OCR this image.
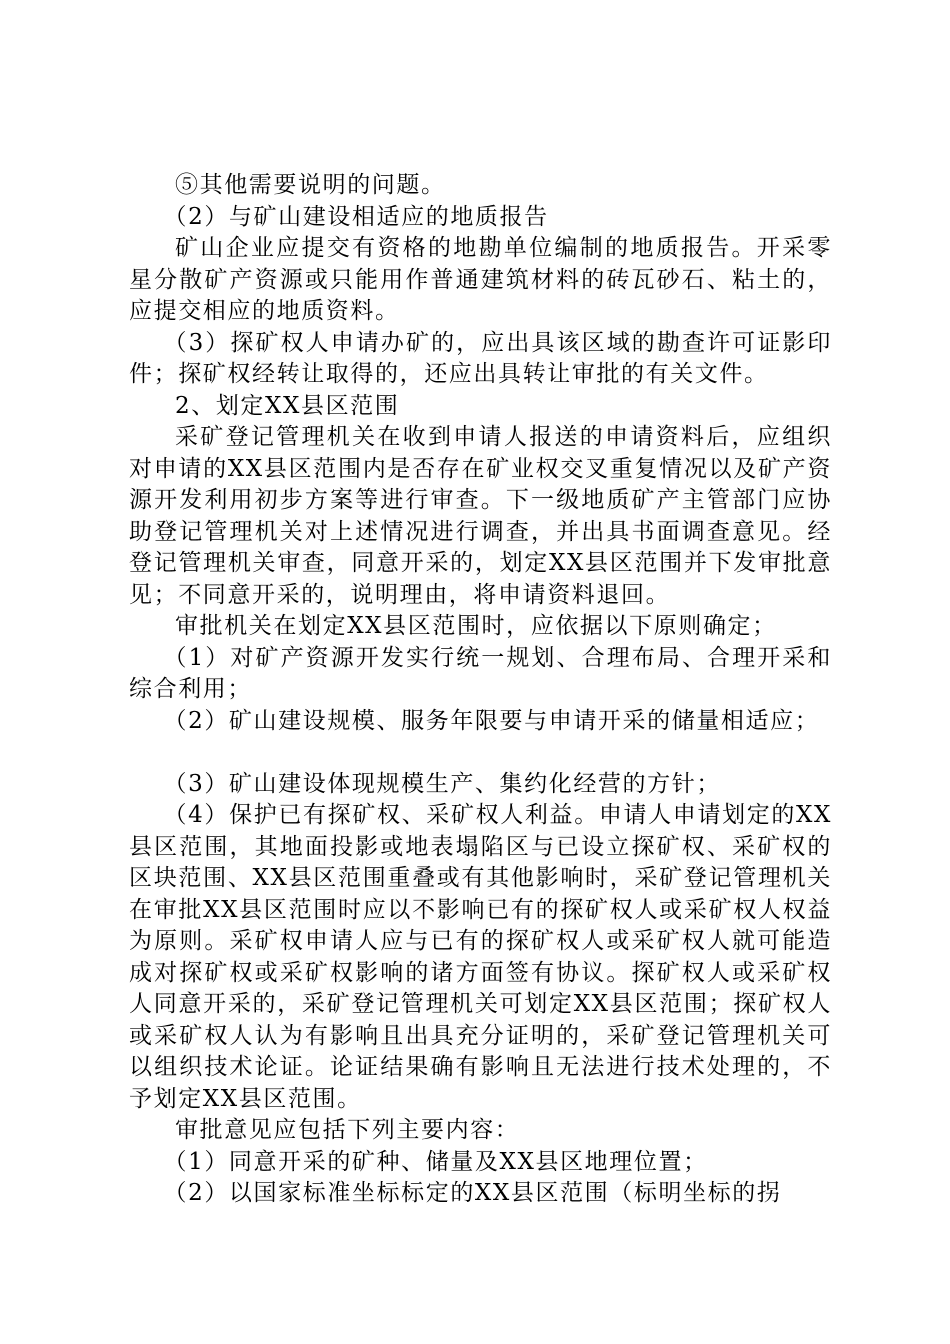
⑤其他需要说明的问题。

（2）与矿山建设相适应的地质报告

矿山企业应提交有资格的地勘单位编制的地质报告。开采零星分散矿产资源或只能用作普通建筑材料的砖瓦砂石、粘土的，应提交相应的地质资料。

（3）探矿权人申请办矿的，应出具该区域的勘查许可证影印件；探矿权经转让取得的，还应出具转让审批的有关文件。

2、划定XX县区范围

采矿登记管理机关在收到申请人报送的申请资料后，应组织对申请的XX县区范围内是否存在矿业权交叉重复情况以及矿产资源开发利用初步方案等进行审查。下一级地质矿产主管部门应协助登记管理机关对上述情况进行调查，并出具书面调查意见。经登记管理机关审查，同意开采的，划定XX县区范围并下发审批意见；不同意开采的，说明理由，将申请资料退回。

审批机关在划定XX县区范围时，应依据以下原则确定；

（1）对矿产资源开发实行统一规划、合理布局、合理开采和综合利用；

（2）矿山建设规模、服务年限要与申请开采的储量相适应；

（3）矿山建设体现规模生产、集约化经营的方针；

（4）保护已有探矿权、采矿权人利益。申请人申请划定的XX县区范围，其地面投影或地表塌陷区与已设立探矿权、采矿权的区块范围、XX县区范围重叠或有其他影响时，采矿登记管理机关在审批XX县区范围时应以不影响已有的探矿权人或采矿权人权益为原则。采矿权申请人应与已有的探矿权人或采矿权人就可能造成对探矿权或采矿权影响的诸方面签有协议。探矿权人或采矿权人同意开采的，采矿登记管理机关可划定XX县区范围；探矿权人或采矿权人认为有影响且出具充分证明的，采矿登记管理机关可以组织技术论证。论证结果确有影响且无法进行技术处理的，不予划定XX县区范围。

审批意见应包括下列主要内容：

（1）同意开采的矿种、储量及XX县区地理位置；

（2）以国家标准坐标标定的XX县区范围（标明坐标的拐
